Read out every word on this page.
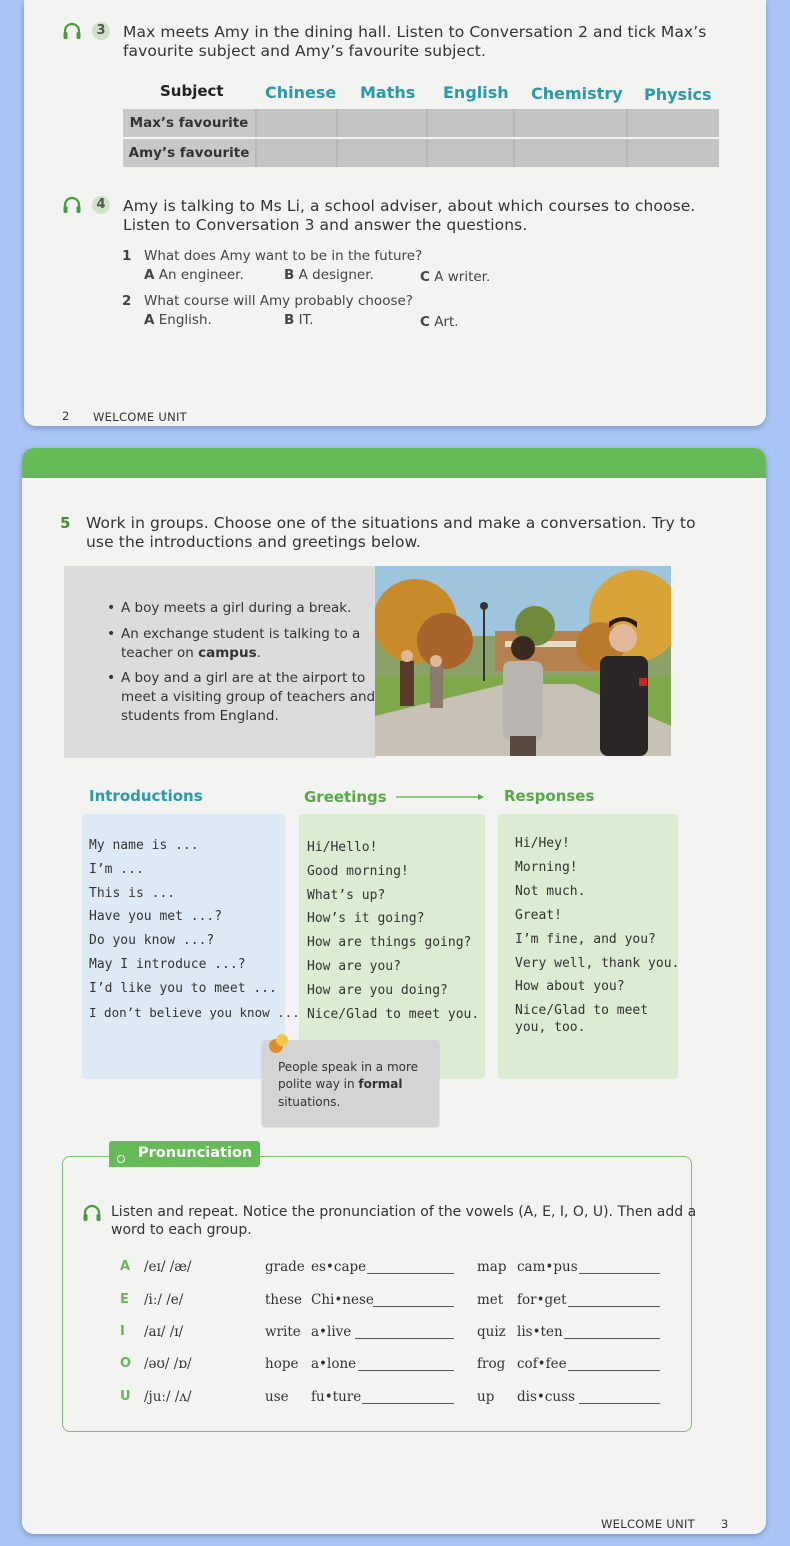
3 Max meets Amy in the dining hall. Listen to Conversation 2 and tick Max’s
favourite subject and Amy’s favourite subject.
Subject	Chinese Maths English Chemistry Physics
Max’s favourite
Amy’s favourite
4 Amy is talking to Ms Li, a school adviser, about which courses to choose.
Listen to Conversation 3 and answer the questions.
1 What does Amy want to be in the future?
A An engineer.	B A designer.	C A writer.
2 What course will Amy probably choose?
A English.	B IT.	C Art.
2 WELCOME UNIT
5 Work in groups. Choose one of the situations and make a conversation. Try to
use the introductions and greetings below.
• A boy meets a girl during a break.
• An exchange student is talking to a
teacher on campus.
• A boy and a girl are at the airport to
meet a visiting group of teachers and
students from England.
Introductions	Greetings	Responses
My name is ...
I’m ...
This is ...
Have you met ...?
Do you know ...?
May I introduce ...?
I’d like you to meet ...
I don’t believe you know ...
Hi/Hello!
Good morning!
What’s up?
How’s it going?
How are things going?
How are you?
How are you doing?
Nice/Glad to meet you.
Hi/Hey!
Morning!
Not much.
Great!
I’m fine, and you?
Very well, thank you.
How about you?
Nice/Glad to meet
you, too.
People speak in a more
polite way in formal
situations.
Pronunciation
Listen and repeat. Notice the pronunciation of the vowels (A, E, I, O, U). Then add a
word to each group.
A /eɪ/ /æ/	grade es•cape	map cam•pus
E /iː/ /e/	these Chi•nese	met for•get
I /aɪ/ /ɪ/	write a•live	quiz lis•ten
O /əʊ/ /ɒ/	hope a•lone	frog cof•fee
U /juː/ /ʌ/	use fu•ture	up dis•cuss
WELCOME UNIT 3
